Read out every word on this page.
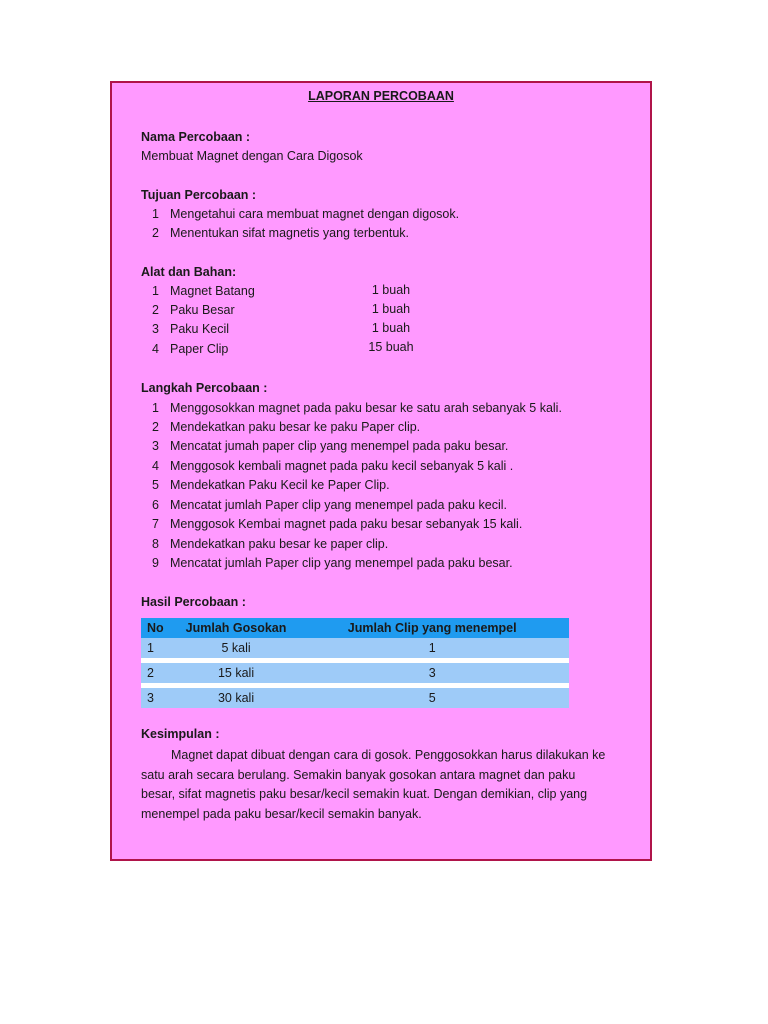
LAPORAN PERCOBAAN
Nama Percobaan :
Membuat Magnet dengan Cara Digosok
Tujuan Percobaan :
1 Mengetahui cara membuat magnet dengan digosok.
2 Menentukan sifat magnetis yang terbentuk.
Alat dan Bahan:
1 Magnet Batang	1 buah
2 Paku Besar	1 buah
3 Paku Kecil	1 buah
4 Paper Clip	15 buah
Langkah Percobaan :
1 Menggosokkan magnet pada paku besar ke satu arah sebanyak 5 kali.
2 Mendekatkan paku besar ke paku Paper clip.
3 Mencatat jumah paper clip yang menempel pada paku besar.
4 Menggosok kembali magnet pada paku kecil sebanyak 5 kali .
5 Mendekatkan Paku Kecil ke Paper Clip.
6 Mencatat jumlah Paper clip yang menempel pada paku kecil.
7 Menggosok Kembai magnet pada paku besar sebanyak 15 kali.
8 Mendekatkan paku besar ke paper clip.
9 Mencatat jumlah Paper clip yang menempel pada paku besar.
Hasil Percobaan :
No	Jumlah Gosokan	Jumlah Clip yang menempel
1	5 kali	1

2	15 kali	3

3	30 kali	5
Kesimpulan :

Magnet dapat dibuat dengan cara di gosok. Penggosokkan harus dilakukan ke satu arah secara berulang. Semakin banyak gosokan antara magnet dan paku besar, sifat magnetis paku besar/kecil semakin kuat. Dengan demikian, clip yang menempel pada paku besar/kecil semakin banyak.
